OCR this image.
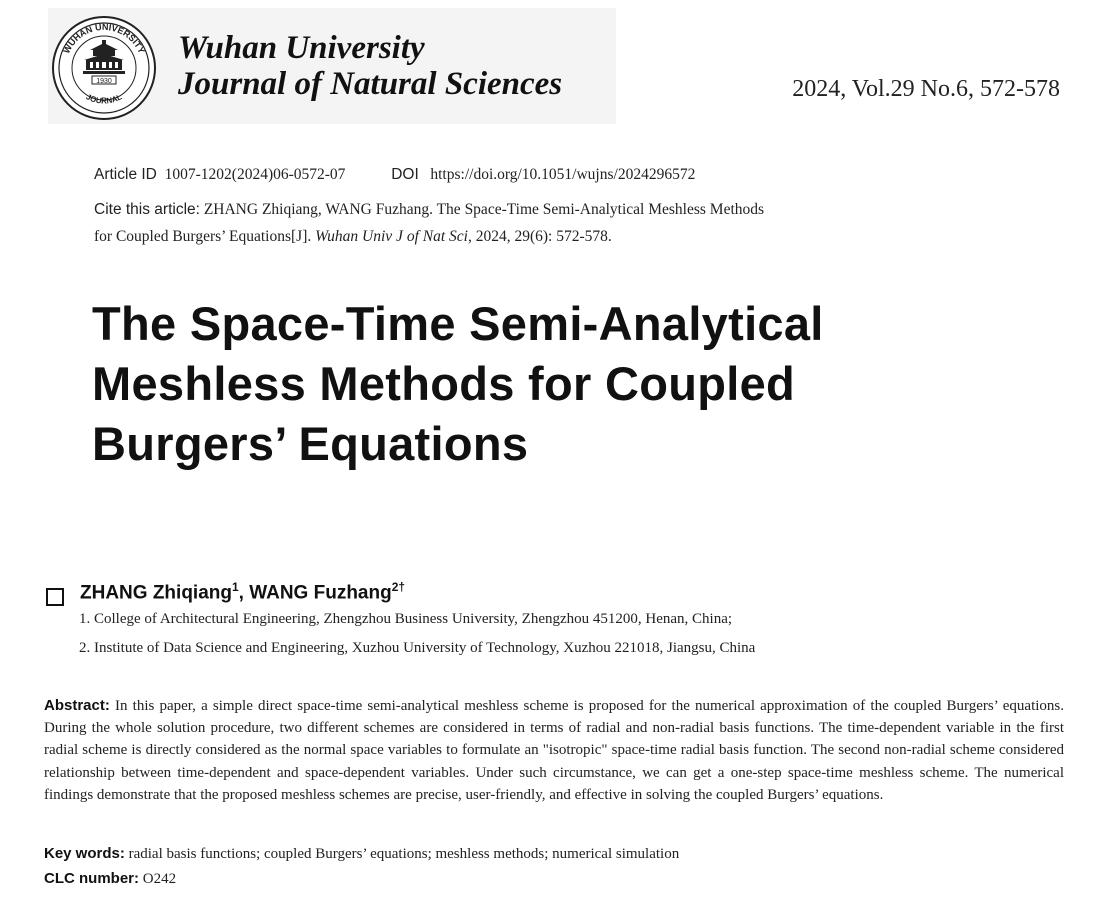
WUHAN UNIVERSITY
JOURNAL
1930
Wuhan University
Journal of Natural Sciences	2024, Vol.29 No.6, 572-578
Article ID 1007-1202(2024)06-0572-07	DOI https://doi.org/10.1051/wujns/2024296572
Cite this article: ZHANG Zhiqiang, WANG Fuzhang. The Space-Time Semi-Analytical Meshless Methods
for Coupled Burgers’ Equations[J]. Wuhan Univ J of Nat Sci, 2024, 29(6): 572-578.
The Space-Time Semi-Analytical
Meshless Methods for Coupled
Burgers’ Equations
ZHANG Zhiqiang$^1$, WANG Fuzhang$^{2\dagger}$
1. College of Architectural Engineering, Zhengzhou Business University, Zhengzhou 451200, Henan, China;
2. Institute of Data Science and Engineering, Xuzhou University of Technology, Xuzhou 221018, Jiangsu, China
Abstract: In this paper, a simple direct space-time semi-analytical meshless scheme is proposed for the numerical approximation of the coupled Burgers’ equations. During the whole solution procedure, two different schemes are considered in terms of radial and non-radial basis functions. The time-dependent variable in the first radial scheme is directly considered as the normal space variables to formulate an "isotropic" space-time radial basis function. The second non-radial scheme considered relationship between time-dependent and space-dependent variables. Under such circumstance, we can get a one-step space-time meshless scheme. The numerical findings demonstrate that the proposed meshless schemes are precise, user-friendly, and effective in solving the coupled Burgers’ equations.
Key words: radial basis functions; coupled Burgers’ equations; meshless methods; numerical simulation
CLC number: O242
